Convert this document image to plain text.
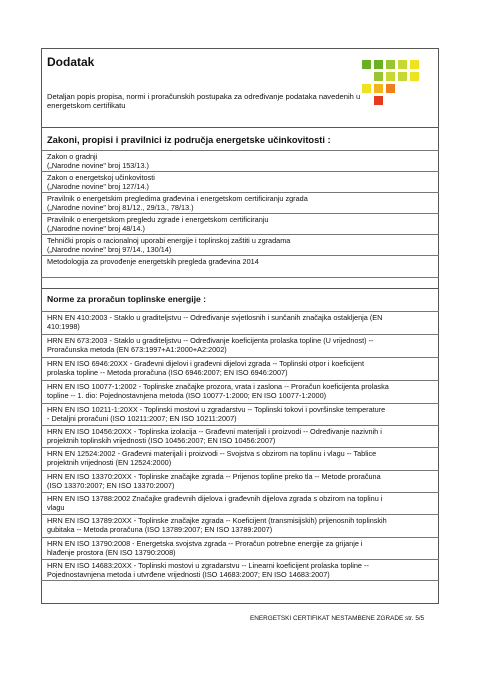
Dodatak
Detaljan popis propisa, normi i proračunskih postupaka za određivanje podataka navedenih u energetskom certifikatu
Zakoni, propisi i pravilnici iz područja energetske učinkovitosti :
Zakon o gradnji
(„Narodne novine" broj 153/13.)
Zakon o energetskoj učinkovitosti
(„Narodne novine" broj 127/14.)
Pravilnik o energetskim pregledima građevina i energetskom certificiranju zgrada
(„Narodne novine" broj 81/12., 29/13., 78/13.)
Pravilnik o energetskom pregledu zgrade i energetskom certificiranju
(„Narodne novine" broj 48/14.)
Tehnički propis o racionalnoj uporabi energije i toplinskoj zaštiti u zgradama
(„Narodne novine" broj 97/14., 130/14)
Metodologija za provođenje energetskih pregleda građevina 2014
Norme za proračun toplinske energije :
HRN EN 410:2003 - Staklo u graditeljstvu -- Određivanje svjetlosnih i sunčanih značajka ostakljenja (EN
410:1998)
HRN EN 673:2003 - Staklo u graditeljstvu -- Određivanje koeficijenta prolaska topline (U vrijednost) --
Proračunska metoda (EN 673:1997+A1:2000+A2:2002)
HRN EN ISO 6946:20XX - Građevni dijelovi i građevni dijelovi zgrada -- Toplinski otpor i koeficijent
prolaska topline -- Metoda proračuna (ISO 6946:2007; EN ISO 6946:2007)
HRN EN ISO 10077-1:2002 - Toplinske značajke prozora, vrata i zaslona -- Proračun koeficijenta prolaska
topline -- 1. dio: Pojednostavnjena metoda (ISO 10077-1:2000; EN ISO 10077-1:2000)
HRN EN ISO 10211-1:20XX - Toplinski mostovi u zgradarstvu -- Toplinski tokovi i površinske temperature
- Detaljni proračuni (ISO 10211:2007; EN ISO 10211:2007)
HRN EN ISO 10456:20XX - Toplinska izolacija -- Građevni materijali i proizvodi -- Određivanje nazivnih i
projektnih toplinskih vrijednosti (ISO 10456:2007; EN ISO 10456:2007)
HRN EN 12524:2002 - Građevni materijali i proizvodi -- Svojstva s obzirom na toplinu i vlagu -- Tablice
projektnih vrijednosti (EN 12524:2000)
HRN EN ISO 13370:20XX - Toplinske značajke zgrada -- Prijenos topline preko tla -- Metode proračuna
(ISO 13370:2007; EN ISO 13370:2007)
HRN EN ISO 13788:2002 Značajke građevnih dijelova i građevnih dijelova zgrada s obzirom na toplinu i
vlagu
HRN EN ISO 13789:20XX - Toplinske značajke zgrada -- Koeficijent (transmisijskih) prijenosnih toplinskih
gubitaka -- Metoda proračuna (ISO 13789:2007; EN ISO 13789:2007)
HRN EN ISO 13790:2008 - Energetska svojstva zgrada -- Proračun potrebne energije za grijanje i
hlađenje prostora (EN ISO 13790:2008)
HRN EN ISO 14683:20XX - Toplinski mostovi u zgradarstvu -- Linearni koeficijent prolaska topline --
Pojednostavnjena metoda i utvrđene vrijednosti (ISO 14683:2007; EN ISO 14683:2007)
ENERGETSKI CERTIFIKAT NESTAMBENE ZGRADE str. 5/5
